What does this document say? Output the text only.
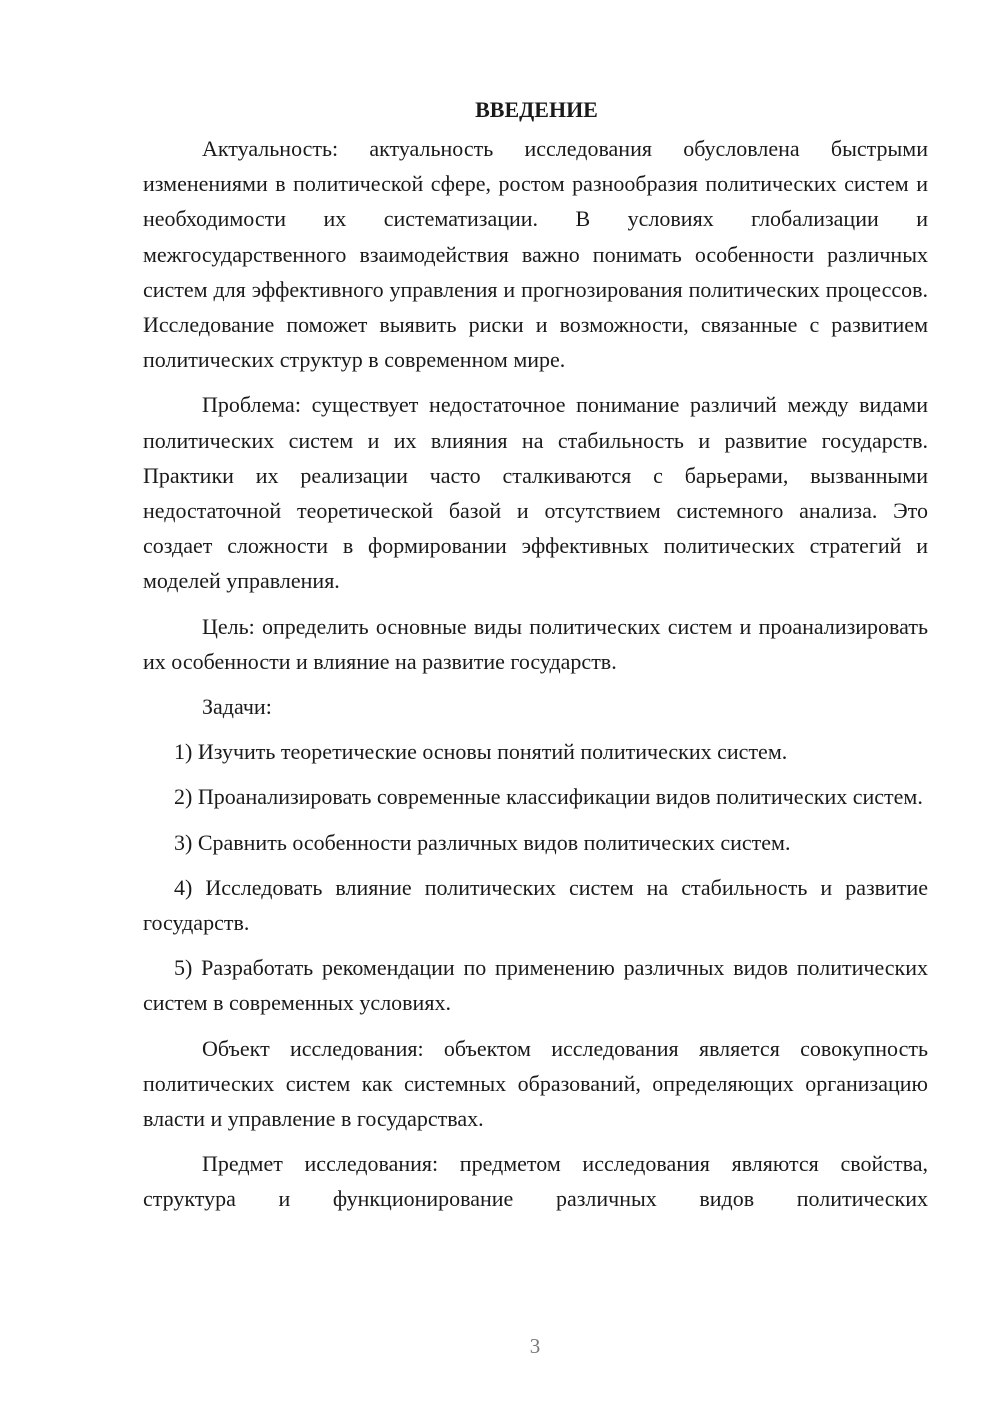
ВВЕДЕНИЕ

Актуальность: актуальность исследования обусловлена быстрыми изменениями в политической сфере, ростом разнообразия политических систем и необходимости их систематизации. В условиях глобализации и межгосударственного взаимодействия важно понимать особенности различных систем для эффективного управления и прогнозирования политических процессов. Исследование поможет выявить риски и возможности, связанные с развитием политических структур в современном мире.

Проблема: существует недостаточное понимание различий между видами политических систем и их влияния на стабильность и развитие государств. Практики их реализации часто сталкиваются с барьерами, вызванными недостаточной теоретической базой и отсутствием системного анализа. Это создает сложности в формировании эффективных политических стратегий и моделей управления.

Цель: определить основные виды политических систем и проанализировать их особенности и влияние на развитие государств.

Задачи:

1) Изучить теоретические основы понятий политических систем.

2) Проанализировать современные классификации видов политических систем.

3) Сравнить особенности различных видов политических систем.

4) Исследовать влияние политических систем на стабильность и развитие государств.

5) Разработать рекомендации по применению различных видов политических систем в современных условиях.

Объект исследования: объектом исследования является совокупность политических систем как системных образований, определяющих организацию власти и управление в государствах.

Предмет исследования: предметом исследования являются свойства, структура и функционирование различных видов политических

3
